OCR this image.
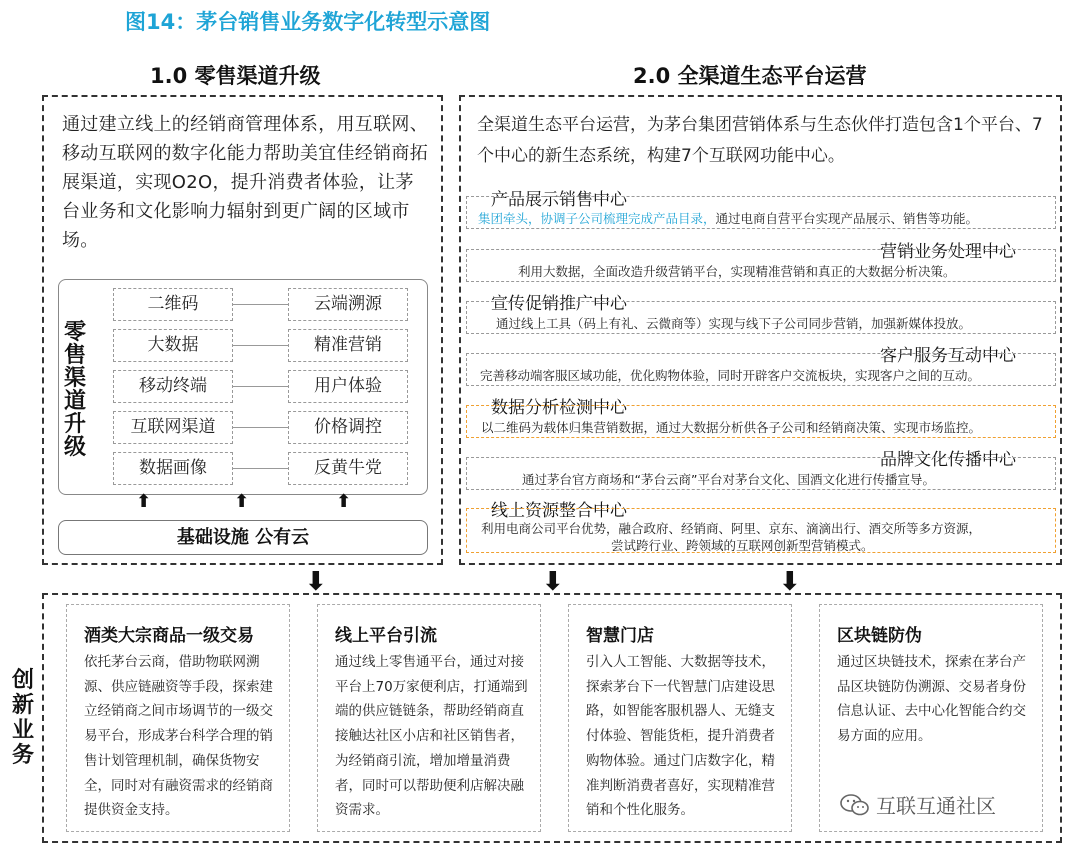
图14：茅台销售业务数字化转型示意图
1.0 零售渠道升级	2.0 全渠道生态平台运营
通过建立线上的经销商管理体系，用互联网、移动互联网的数字化能力帮助美宜佳经销商拓展渠道，实现O2O，提升消费者体验，让茅台业务和文化影响力辐射到更广阔的区域市场。
零售渠道升级
二维码	云端溯源
大数据	精准营销
移动终端	用户体验
互联网渠道	价格调控
数据画像	反黄牛党
⬆	⬆	⬆
基础设施 公有云
全渠道生态平台运营，为茅台集团营销体系与生态伙伴打造包含1个平台、7个中心的新生态系统，构建7个互联网功能中心。
产品展示销售中心
集团牵头，协调子公司梳理完成产品目录，通过电商自营平台实现产品展示、销售等功能。
营销业务处理中心
利用大数据，全面改造升级营销平台，实现精准营销和真正的大数据分析决策。
宣传促销推广中心
通过线上工具（码上有礼、云微商等）实现与线下子公司同步营销，加强新媒体投放。
客户服务互动中心
完善移动端客服区域功能，优化购物体验，同时开辟客户交流板块，实现客户之间的互动。
数据分析检测中心
以二维码为载体归集营销数据，通过大数据分析供各子公司和经销商决策、实现市场监控。
品牌文化传播中心
通过茅台官方商场和“茅台云商”平台对茅台文化、国酒文化进行传播宣导。
线上资源整合中心
利用电商公司平台优势，融合政府、经销商、阿里、京东、滴滴出行、酒交所等多方资源，
尝试跨行业、跨领域的互联网创新型营销模式。
⬇	⬇	⬇
创新业务
酒类大宗商品一级交易
依托茅台云商，借助物联网溯源、供应链融资等手段，探索建立经销商之间市场调节的一级交易平台，形成茅台科学合理的销售计划管理机制，确保货物安全，同时对有融资需求的经销商提供资金支持。
线上平台引流
通过线上零售通平台，通过对接平台上70万家便利店，打通端到端的供应链链条，帮助经销商直接触达社区小店和社区销售者，为经销商引流，增加增量消费者，同时可以帮助便利店解决融资需求。
智慧门店
引入人工智能、大数据等技术，探索茅台下一代智慧门店建设思路，如智能客服机器人、无缝支付体验、智能货柜，提升消费者购物体验。通过门店数字化，精准判断消费者喜好，实现精准营销和个性化服务。
区块链防伪
通过区块链技术，探索在茅台产品区块链防伪溯源、交易者身份信息认证、去中心化智能合约交易方面的应用。
互联互通社区
